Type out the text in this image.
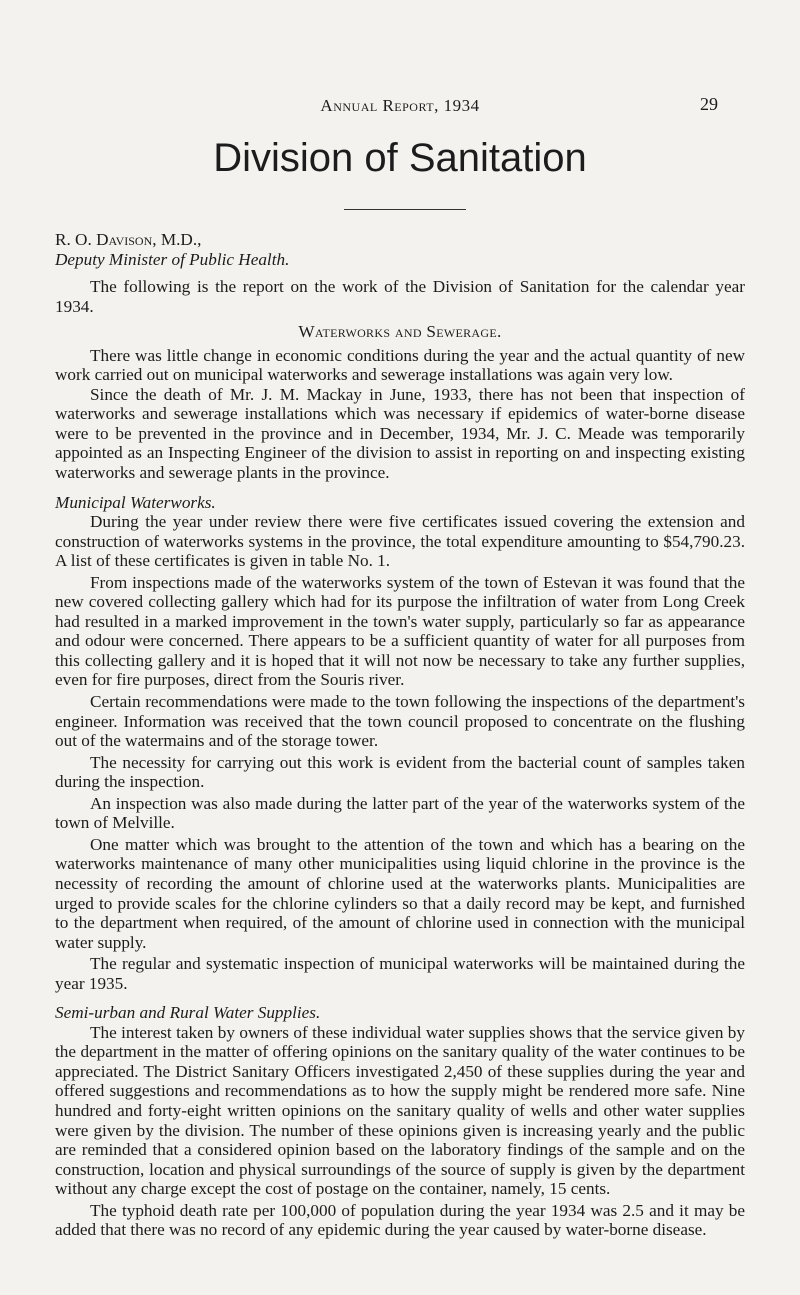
Annual Report, 1934	29
Division of Sanitation

R. O. Davison, M.D.,

Deputy Minister of Public Health.

The following is the report on the work of the Division of Sanitation for the calendar year 1934.

Waterworks and Sewerage.

There was little change in economic conditions during the year and the actual quantity of new work carried out on municipal waterworks and sewerage installations was again very low.

Since the death of Mr. J. M. Mackay in June, 1933, there has not been that inspection of waterworks and sewerage installations which was necessary if epidemics of water-borne disease were to be prevented in the province and in December, 1934, Mr. J. C. Meade was temporarily appointed as an Inspecting Engineer of the division to assist in reporting on and inspecting existing waterworks and sewerage plants in the province.

Municipal Waterworks.

During the year under review there were five certificates issued covering the extension and construction of waterworks systems in the province, the total expenditure amounting to $54,790.23. A list of these certificates is given in table No. 1.

From inspections made of the waterworks system of the town of Estevan it was found that the new covered collecting gallery which had for its purpose the infiltration of water from Long Creek had resulted in a marked improvement in the town's water supply, particularly so far as appearance and odour were concerned. There appears to be a sufficient quantity of water for all purposes from this collecting gallery and it is hoped that it will not now be necessary to take any further supplies, even for fire purposes, direct from the Souris river.

Certain recommendations were made to the town following the inspections of the department's engineer. Information was received that the town council proposed to concentrate on the flushing out of the watermains and of the storage tower.

The necessity for carrying out this work is evident from the bacterial count of samples taken during the inspection.

An inspection was also made during the latter part of the year of the waterworks system of the town of Melville.

One matter which was brought to the attention of the town and which has a bearing on the waterworks maintenance of many other municipalities using liquid chlorine in the province is the necessity of recording the amount of chlorine used at the waterworks plants. Municipalities are urged to provide scales for the chlorine cylinders so that a daily record may be kept, and furnished to the department when required, of the amount of chlorine used in connection with the municipal water supply.

The regular and systematic inspection of municipal waterworks will be maintained during the year 1935.

Semi-urban and Rural Water Supplies.

The interest taken by owners of these individual water supplies shows that the service given by the department in the matter of offering opinions on the sanitary quality of the water continues to be appreciated. The District Sanitary Officers investigated 2,450 of these supplies during the year and offered suggestions and recommendations as to how the supply might be rendered more safe. Nine hundred and forty-eight written opinions on the sanitary quality of wells and other water supplies were given by the division. The number of these opinions given is increasing yearly and the public are reminded that a considered opinion based on the laboratory findings of the sample and on the construction, location and physical surroundings of the source of supply is given by the department without any charge except the cost of postage on the container, namely, 15 cents.

The typhoid death rate per 100,000 of population during the year 1934 was 2.5 and it may be added that there was no record of any epidemic during the year caused by water-borne disease.
